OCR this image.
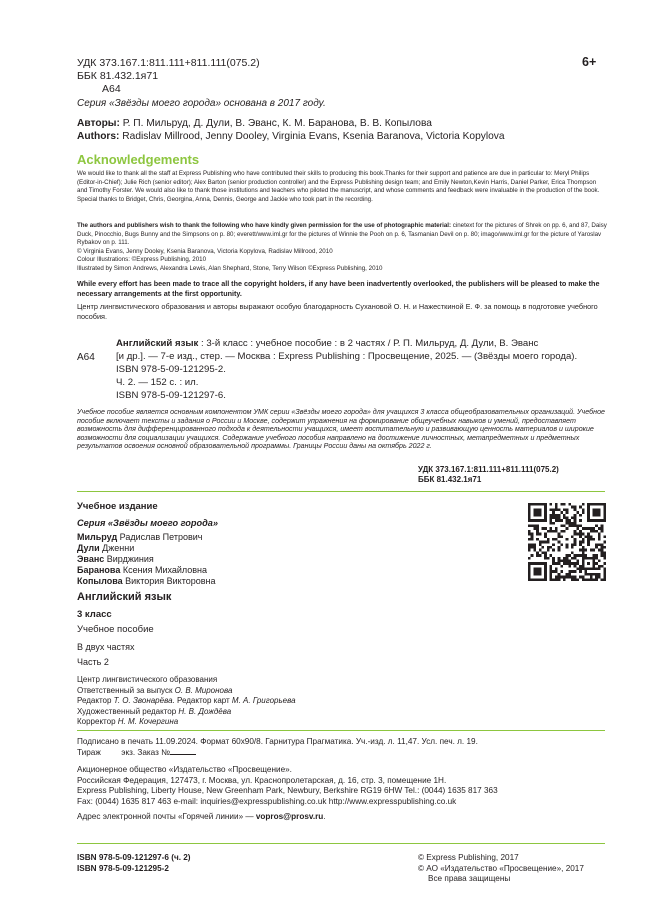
УДК 373.167.1:811.111+811.111(075.2)
ББК 81.432.1я71
А64
6+
Серия «Звёзды моего города» основана в 2017 году.
Авторы: Р. П. Мильруд, Д. Дули, В. Эванс, К. М. Баранова, В. В. Копылова
Authors: Radislav Millrood, Jenny Dooley, Virginia Evans, Ksenia Baranova, Victoria Kopylova
Acknowledgements
We would like to thank all the staff at Express Publishing who have contributed their skills to producing this book.Thanks for their support and patience are due in particular to: Meryl Philips (Editor-in-Chief); Julie Rich (senior editor); Alex Barton (senior production controller) and the Express Publishing design team; and Emily Newton,Kevin Harris, Daniel Parker, Erica Thompson and Timothy Forster. We would also like to thank those institutions and teachers who piloted the manuscript, and whose comments and feedback were invaluable in the production of the book. Special thanks to Bridget, Chris, Georgina, Anna, Dennis, George and Jackie who took part in the recording.
The authors and publishers wish to thank the following who have kindly given permission for the use of photographic material: cinetext for the pictures of Shrek on pp. 6, and 87, Daisy Duck, Pinocchio, Bugs Bunny and the Simpsons on p. 80; everett/www.iml.gr for the pictures of Winnie the Pooh on p. 6, Tasmanian Devil on p. 80; imago/www.iml.gr for the picture of Yaroslav Rybakov on p. 111.
© Virginia Evans, Jenny Dooley, Ksenia Baranova, Victoria Kopylova, Radislav Millrood, 2010
Colour Illustrations: ©Express Publishing, 2010
Illustrated by Simon Andrews, Alexandra Lewis, Alan Shephard, Stone, Terry Wilson ©Express Publishing, 2010
While every effort has been made to trace all the copyright holders, if any have been inadvertently overlooked, the publishers will be pleased to make the necessary arrangements at the first opportunity.
Центр лингвистического образования и авторы выражают особую благодарность Сухановой О. Н. и Нажесткиной Е. Ф. за помощь в подготовке учебного пособия.
А64
Английский язык : 3-й класс : учебное пособие : в 2 частях / Р. П. Мильруд, Д. Дули, В. Эванс
[и др.]. — 7-е изд., стер. — Москва : Express Publishing : Просвещение, 2025. — (Звёзды моего города).
ISBN 978-5-09-121295-2.
Ч. 2. — 152 с. : ил.
ISBN 978-5-09-121297-6.
Учебное пособие является основным компонентом УМК серии «Звёзды моего города» для учащихся 3 класса общеобразовательных организаций. Учебное пособие включает тексты и задания о России и Москве, содержит упражнения на формирование общеучебных навыков и умений, предоставляет возможность для дифференцированного подхода к деятельности учащихся, имеет воспитательную и развивающую ценность материалов и широкие возможности для социализации учащихся. Содержание учебного пособия направлено на достижение личностных, метапредметных и предметных результатов освоения основной образовательной программы. Границы России даны на октябрь 2022 г.
УДК 373.167.1:811.111+811.111(075.2)
ББК 81.432.1я71
Учебное издание
Серия «Звёзды моего города»
Мильруд Радислав Петрович
Дули Дженни
Эванс Вирджиния
Баранова Ксения Михайловна
Копылова Виктория Викторовна
Английский язык
3 класс
Учебное пособие
В двух частях
Часть 2
Центр лингвистического образования
Ответственный за выпуск О. В. Миронова
Редактор Т. О. Звонарёва. Редактор карт М. А. Григорьева
Художественный редактор Н. В. Дождёва
Корректор Н. М. Кочергина
Подписано в печать 11.09.2024. Формат 60x90/8. Гарнитура Прагматика. Уч.-изд. л. 11,47. Усл. печ. л. 19.
Тираж         экз. Заказ №
Акционерное общество «Издательство «Просвещение».
Российская Федерация, 127473, г. Москва, ул. Краснопролетарская, д. 16, стр. 3, помещение 1Н.
Express Publishing, Liberty House, New Greenham Park, Newbury, Berkshire RG19 6HW Tel.: (0044) 1635 817 363
Fax: (0044) 1635 817 463 e-mail: inquiries@expresspublishing.co.uk http://www.expresspublishing.co.uk
Адрес электронной почты «Горячей линии» — vopros@prosv.ru.
ISBN 978-5-09-121297-6 (ч. 2)
ISBN 978-5-09-121295-2
© Express Publishing, 2017
© АО «Издательство «Просвещение», 2017
Все права защищены
